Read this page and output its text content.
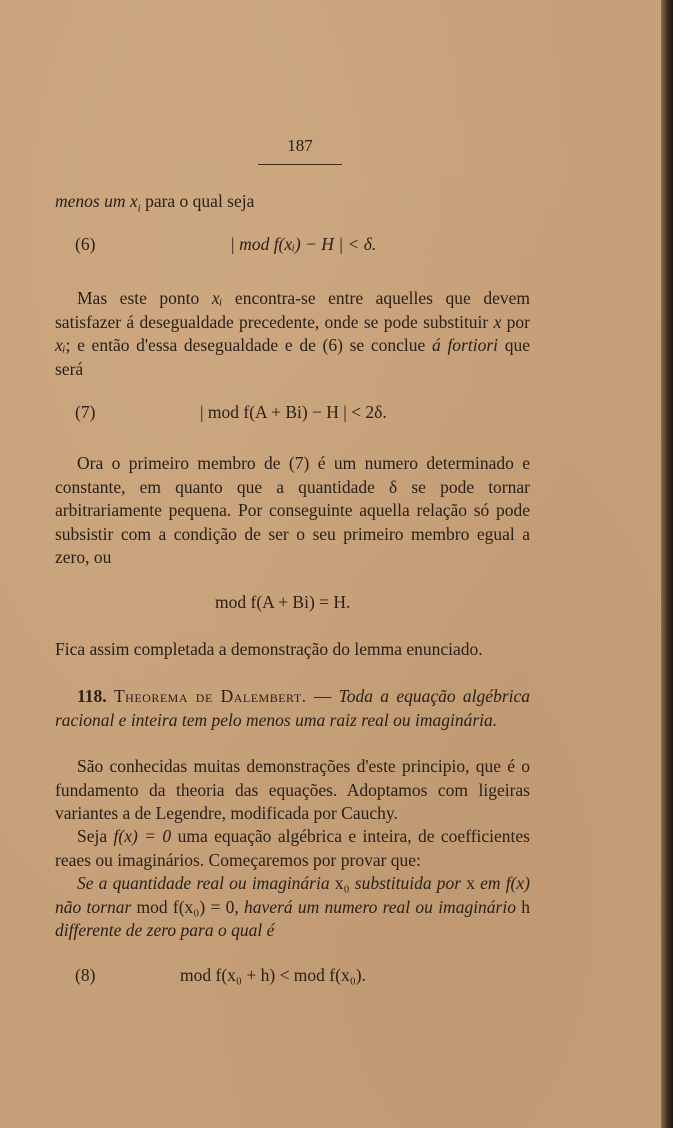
187

menos um $x_i$ para o qual seja

(6)	| mod f(xᵢ) − H | < δ.

Mas este ponto xᵢ encontra-se entre aquelles que devem satisfazer á desegualdade precedente, onde se pode substituir x por xᵢ; e então d'essa desegualdade e de (6) se conclue á fortiori que será

(7)	| mod f(A + Bi) − H | < 2δ.

Ora o primeiro membro de (7) é um numero determinado e constante, em quanto que a quantidade δ se pode tornar arbitrariamente pequena. Por conseguinte aquella relação só pode subsistir com a condição de ser o seu primeiro membro egual a zero, ou

mod f(A + Bi) = H.

Fica assim completada a demonstração do lemma enunciado.

118. Theorema de Dalembert. — Toda a equação algébrica racional e inteira tem pelo menos uma raiz real ou imaginária.

São conhecidas muitas demonstrações d'este principio, que é o fundamento da theoria das equações. Adoptamos com ligeiras variantes a de Legendre, modificada por Cauchy.

Seja f(x) = 0 uma equação algébrica e inteira, de coefficientes reaes ou imaginários. Começaremos por provar que:

Se a quantidade real ou imaginária x₀ substituida por x em f(x) não tornar mod f(x₀) = 0, haverá um numero real ou imaginário h differente de zero para o qual é

(8)	mod f(x₀ + h) < mod f(x₀).
